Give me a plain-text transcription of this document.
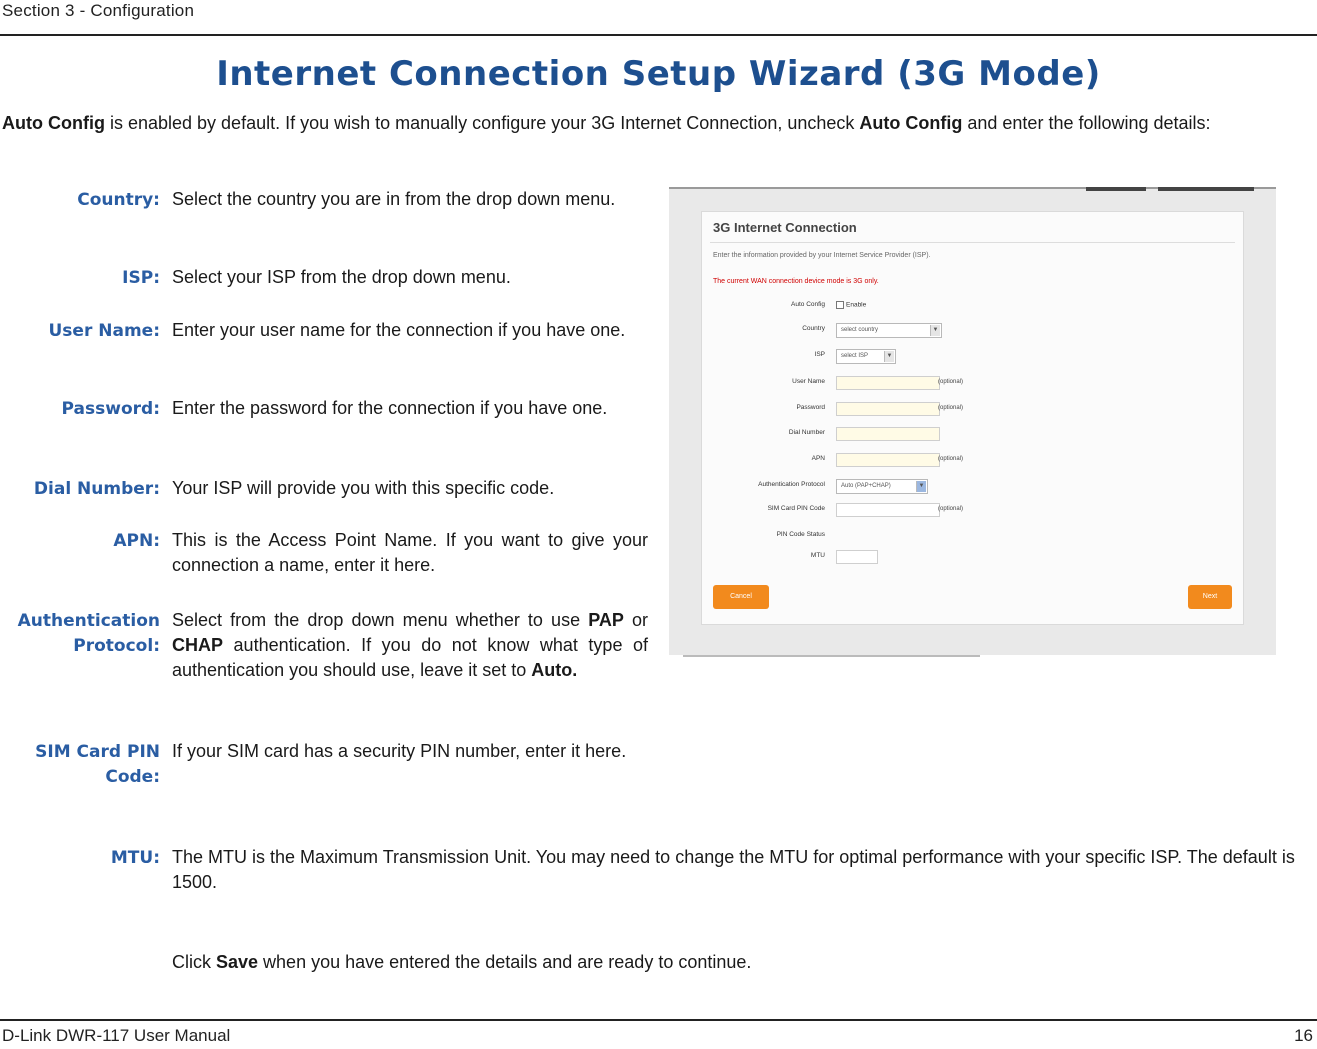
Section 3 - Configuration
Internet Connection Setup Wizard (3G Mode)
Auto Config is enabled by default. If you wish to manually configure your 3G Internet Connection, uncheck Auto Config and enter the following details:
Country: Select the country you are in from the drop down menu.
ISP: Select your ISP from the drop down menu.
User Name: Enter your user name for the connection if you have one.
Password: Enter the password for the connection if you have one.
Dial Number: Your ISP will provide you with this specific code.
APN: This is the Access Point Name. If you want to give your connection a name, enter it here.
Authentication
Protocol:
Select from the drop down menu whether to use PAP or CHAP authentication. If you do not know what type of authentication you should use, leave it set to Auto.
SIM Card PIN
Code:
If your SIM card has a security PIN number, enter it here.
MTU: The MTU is the Maximum Transmission Unit. You may need to change the MTU for optimal performance with your specific ISP. The default is 1500.
Click Save when you have entered the details and are ready to continue.
3G Internet Connection
Enter the information provided by your Internet Service Provider (ISP).
The current WAN connection device mode is 3G only.
Auto Config	Enable
Country	select country	▼
ISP	select ISP	▼
User Name	(optional)
Password	(optional)
Dial Number
APN	(optional)
Authentication Protocol	Auto (PAP+CHAP)	▼
SIM Card PIN Code	(optional)
PIN Code Status
MTU
Cancel	Next
D-Link DWR-117 User Manual	16
